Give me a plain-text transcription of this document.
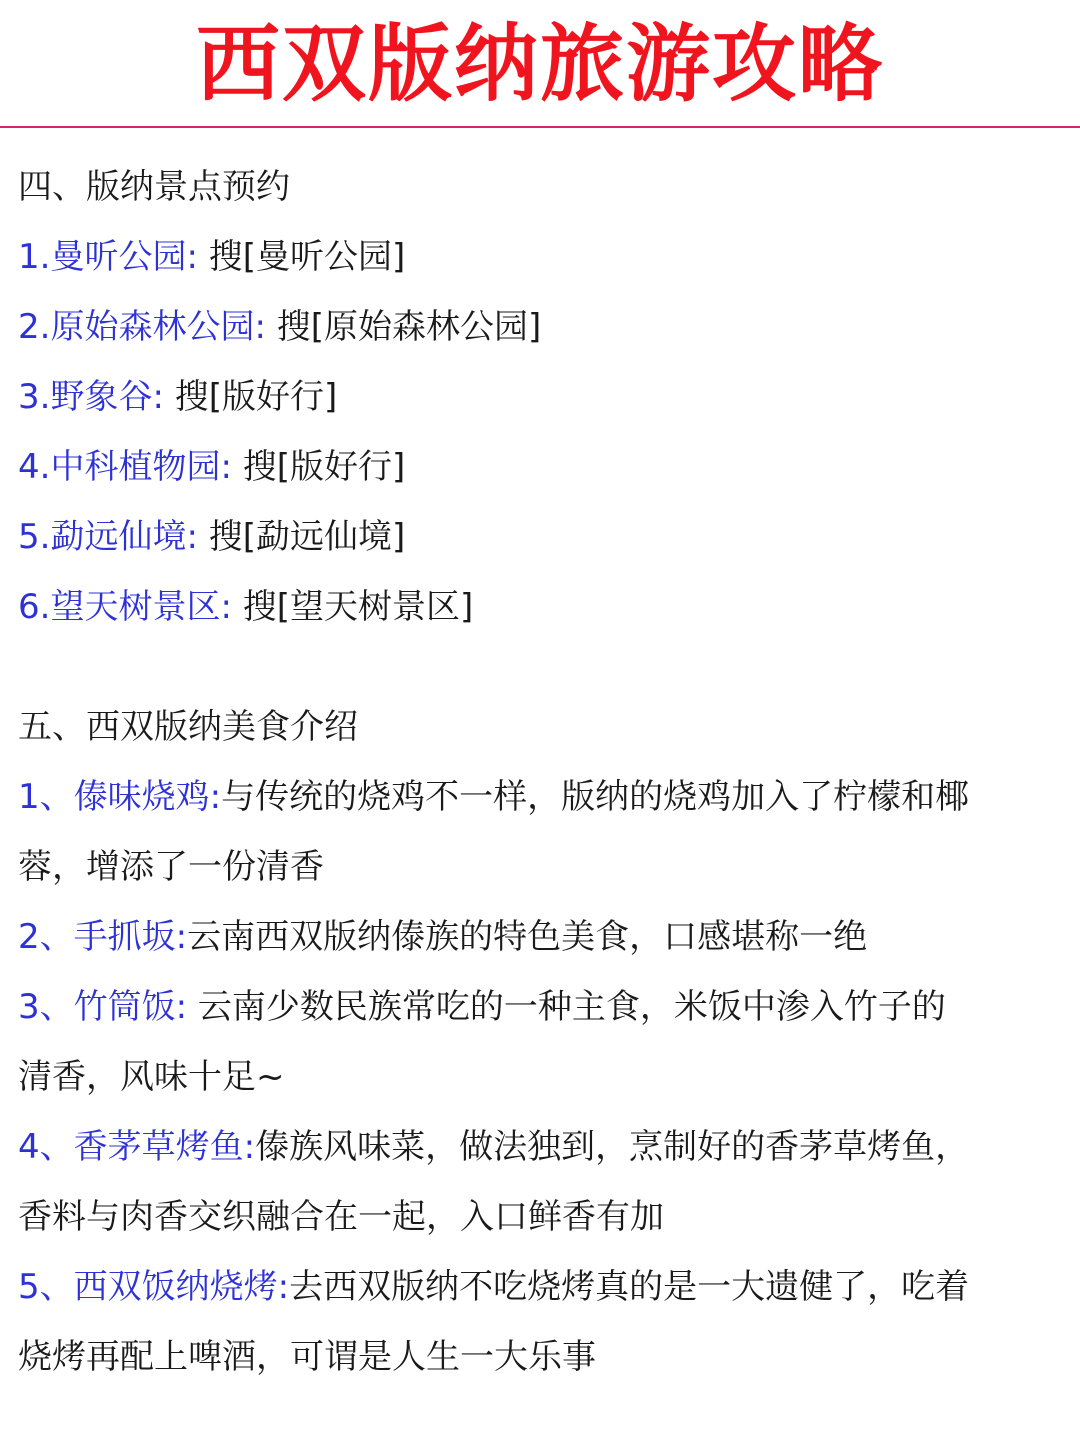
西双版纳旅游攻略
四、版纳景点预约
1.曼听公园: 搜[曼听公园]
2.原始森林公园: 搜[原始森林公园]
3.野象谷: 搜[版好行]
4.中科植物园: 搜[版好行]
5.勐远仙境: 搜[勐远仙境]
6.望天树景区: 搜[望天树景区]
五、西双版纳美食介绍
1、傣味烧鸡:与传统的烧鸡不一样，版纳的烧鸡加入了柠檬和椰
蓉，增添了一份清香
2、手抓坂:云南西双版纳傣族的特色美食，口感堪称一绝
3、竹筒饭: 云南少数民族常吃的一种主食，米饭中渗入竹子的
清香，风味十足~
4、香茅草烤鱼:傣族风味菜，做法独到，烹制好的香茅草烤鱼，
香料与肉香交织融合在一起，入口鲜香有加
5、西双饭纳烧烤:去西双版纳不吃烧烤真的是一大遗健了，吃着
烧烤再配上啤酒，可谓是人生一大乐事
